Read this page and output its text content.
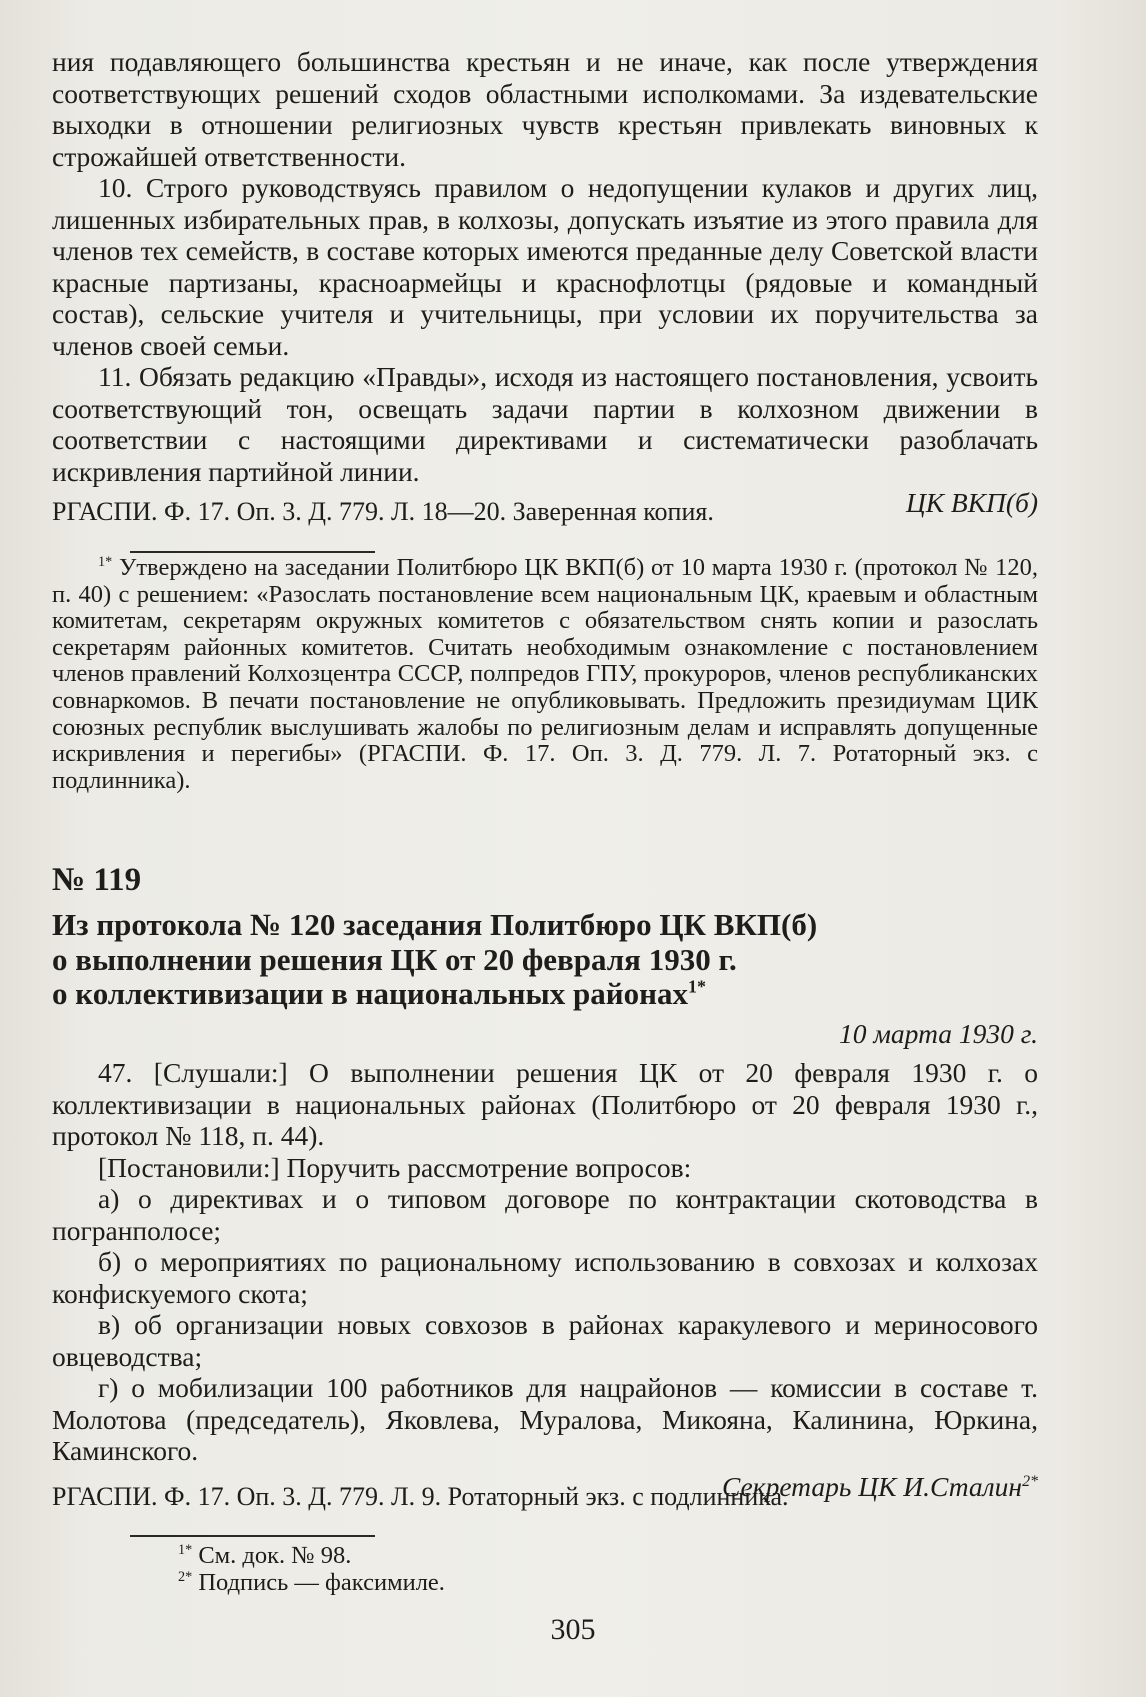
ния подавляющего большинства крестьян и не иначе, как после утверждения соответствующих решений сходов областными исполкомами. За издевательские выходки в отношении религиозных чувств крестьян привлекать виновных к строжайшей ответственности.

10. Строго руководствуясь правилом о недопущении кулаков и других лиц, лишенных избирательных прав, в колхозы, допускать изъятие из этого правила для членов тех семейств, в составе которых имеются преданные делу Советской власти красные партизаны, красноармейцы и краснофлотцы (рядовые и командный состав), сельские учителя и учительницы, при условии их поручительства за членов своей семьи.

11. Обязать редакцию «Правды», исходя из настоящего постановления, усвоить соответствующий тон, освещать задачи партии в колхозном движении в соответствии с настоящими директивами и систематически разоблачать искривления партийной линии.

ЦК ВКП(б)

РГАСПИ. Ф. 17. Оп. 3. Д. 779. Л. 18—20. Заверенная копия.

$^{1*}$ Утверждено на заседании Политбюро ЦК ВКП(б) от 10 марта 1930 г. (протокол № 120, п. 40) с решением: «Разослать постановление всем национальным ЦК, краевым и областным комитетам, секретарям окружных комитетов с обязательством снять копии и разослать секретарям районных комитетов. Считать необходимым ознакомление с постановлением членов правлений Колхозцентра СССР, полпредов ГПУ, прокуроров, членов республиканских совнаркомов. В печати постановление не опубликовывать. Предложить президиумам ЦИК союзных республик выслушивать жалобы по религиозным делам и исправлять допущенные искривления и перегибы» (РГАСПИ. Ф. 17. Оп. 3. Д. 779. Л. 7. Ротаторный экз. с подлинника).

№ 119

Из протокола № 120 заседания Политбюро ЦК ВКП(б)

о выполнении решения ЦК от 20 февраля 1930 г.

о коллективизации в национальных районах$^{1*}$

10 марта 1930 г.

47. [Слушали:] О выполнении решения ЦК от 20 февраля 1930 г. о коллективизации в национальных районах (Политбюро от 20 февраля 1930 г., протокол № 118, п. 44).

[Постановили:] Поручить рассмотрение вопросов:

а) о директивах и о типовом договоре по контрактации скотоводства в погранполосе;

б) о мероприятиях по рациональному использованию в совхозах и колхозах конфискуемого скота;

в) об организации новых совхозов в районах каракулевого и мериносового овцеводства;

г) о мобилизации 100 работников для нацрайонов — комиссии в составе т. Молотова (председатель), Яковлева, Муралова, Микояна, Калинина, Юркина, Каминского.

Секретарь ЦК И.Сталин$^{2*}$

РГАСПИ. Ф. 17. Оп. 3. Д. 779. Л. 9. Ротаторный экз. с подлинника.

$^{1*}$ См. док. № 98.

$^{2*}$ Подпись — факсимиле.

305
